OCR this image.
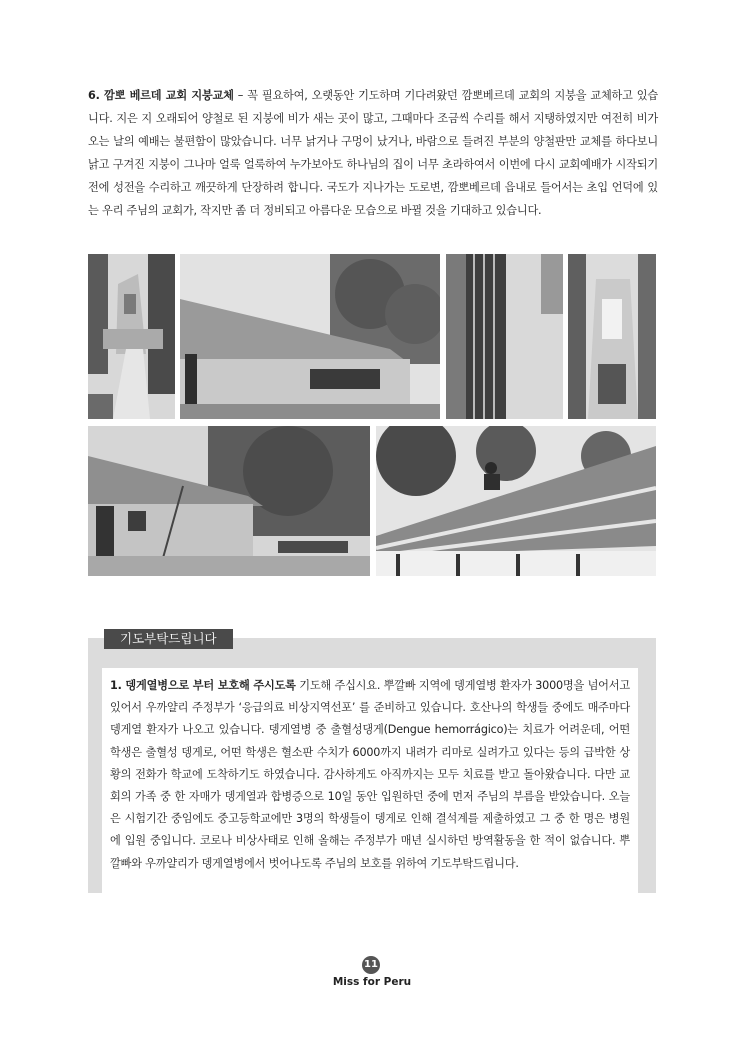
6. 깜뽀 베르데 교회 지붕교체 – 꼭 필요하여, 오랫동안 기도하며 기다려왔던 깜뽀베르데 교회의 지붕을 교체하고 있습니다. 지은 지 오래되어 양철로 된 지붕에 비가 새는 곳이 많고, 그때마다 조금씩 수리를 해서 지탱하였지만 여전히 비가 오는 날의 예배는 불편함이 많았습니다. 너무 낡거나 구멍이 났거나, 바람으로 들려진 부분의 양철판만 교체를 하다보니 낡고 구겨진 지붕이 그나마 얼룩 얼룩하여 누가보아도 하나님의 집이 너무 초라하여서 이번에 다시 교회예배가 시작되기 전에 성전을 수리하고 깨끗하게 단장하려 합니다. 국도가 지나가는 도로변, 깜뽀베르데 읍내로 들어서는 초입 언덕에 있는 우리 주님의 교회가, 작지만 좀 더 정비되고 아름다운 모습으로 바뀔 것을 기대하고 있습니다.
기도부탁드립니다
1. 뎅게열병으로 부터 보호해 주시도록 기도해 주십시요. 뿌깔빠 지역에 뎅게열병 환자가 3000명을 넘어서고 있어서 우까얄리 주정부가 ‘응급의료 비상지역선포’ 를 준비하고 있습니다. 호산나의 학생들 중에도 매주마다 뎅게열 환자가 나오고 있습니다. 뎅게열병 중 출혈성댕게(Dengue hemorrágico)는 치료가 어려운데, 어떤 학생은 출혈성 뎅게로, 어떤 학생은 혈소판 수치가 6000까지 내려가 리마로 실려가고 있다는 등의 급박한 상황의 전화가 학교에 도착하기도 하였습니다. 감사하게도 아직까지는 모두 치료를 받고 돌아왔습니다. 다만 교회의 가족 중 한 자매가 뎅게열과 합병증으로 10일 동안 입원하던 중에 먼저 주님의 부름을 받았습니다. 오늘은 시험기간 중임에도 중고등학교에만 3명의 학생들이 뎅게로 인해 결석계를 제출하였고 그 중 한 명은 병원에 입원 중입니다. 코로나 비상사태로 인해 올해는 주정부가 매년 실시하던 방역활동을 한 적이 없습니다. 뿌깔빠와 우까얄리가 뎅게열병에서 벗어나도록 주님의 보호를 위하여 기도부탁드립니다.
11
Miss for Peru
